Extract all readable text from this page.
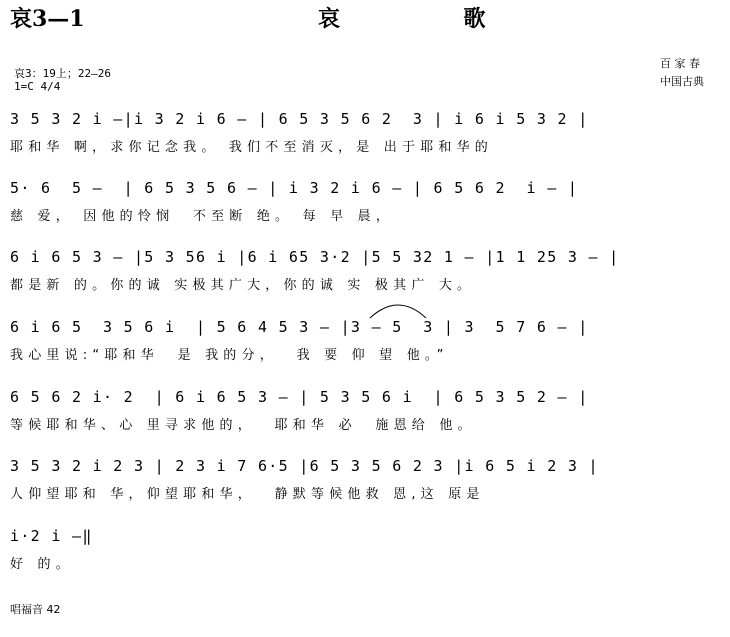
哀3—1	哀  歌
哀3：19上；22—26
1=C 4/4
百 家 春
中国古典
3 5 3 2 i –|i 3 2 i 6 – | 6 5 3 5 6 2  3 | i 6 i 5 3 2 |
耶和华 啊，求你记念我。 我们不至消灭，是 出于耶和华的
5· 6  5 –  | 6 5 3 5 6 – | i 3 2 i 6 – | 6 5 6 2  i – |
慈 爱， 因他的怜悯  不至断 绝。 每 早 晨，
6 i 6 5 3 – |5 3 56 i |6 i 65 3·2 |5 5 32 1 – |1 1 25 3 – |
都是新 的。你的诚 实极其广大，你的诚 实 极其广 大。
6 i 6 5  3 5 6 i  | 5 6 4 5 3 – |3 – 5  3 | 3  5 7 6 – |
我心里说:“耶和华  是 我的分，  我 要 仰 望 他。”
6 5 6 2 i· 2  | 6 i 6 5 3 – | 5 3 5 6 i  | 6 5 3 5 2 – |
等候耶和华、心 里寻求他的，  耶和华 必  施恩给 他。
3 5 3 2 i 2 3 | 2 3 i 7 6·5 |6 5 3 5 6 2 3 |i 6 5 i 2 3 |
人仰望耶和 华，仰望耶和华，  静默等候他救 恩,这 原是
i·2 i –‖
好 的。
唱福音 42
